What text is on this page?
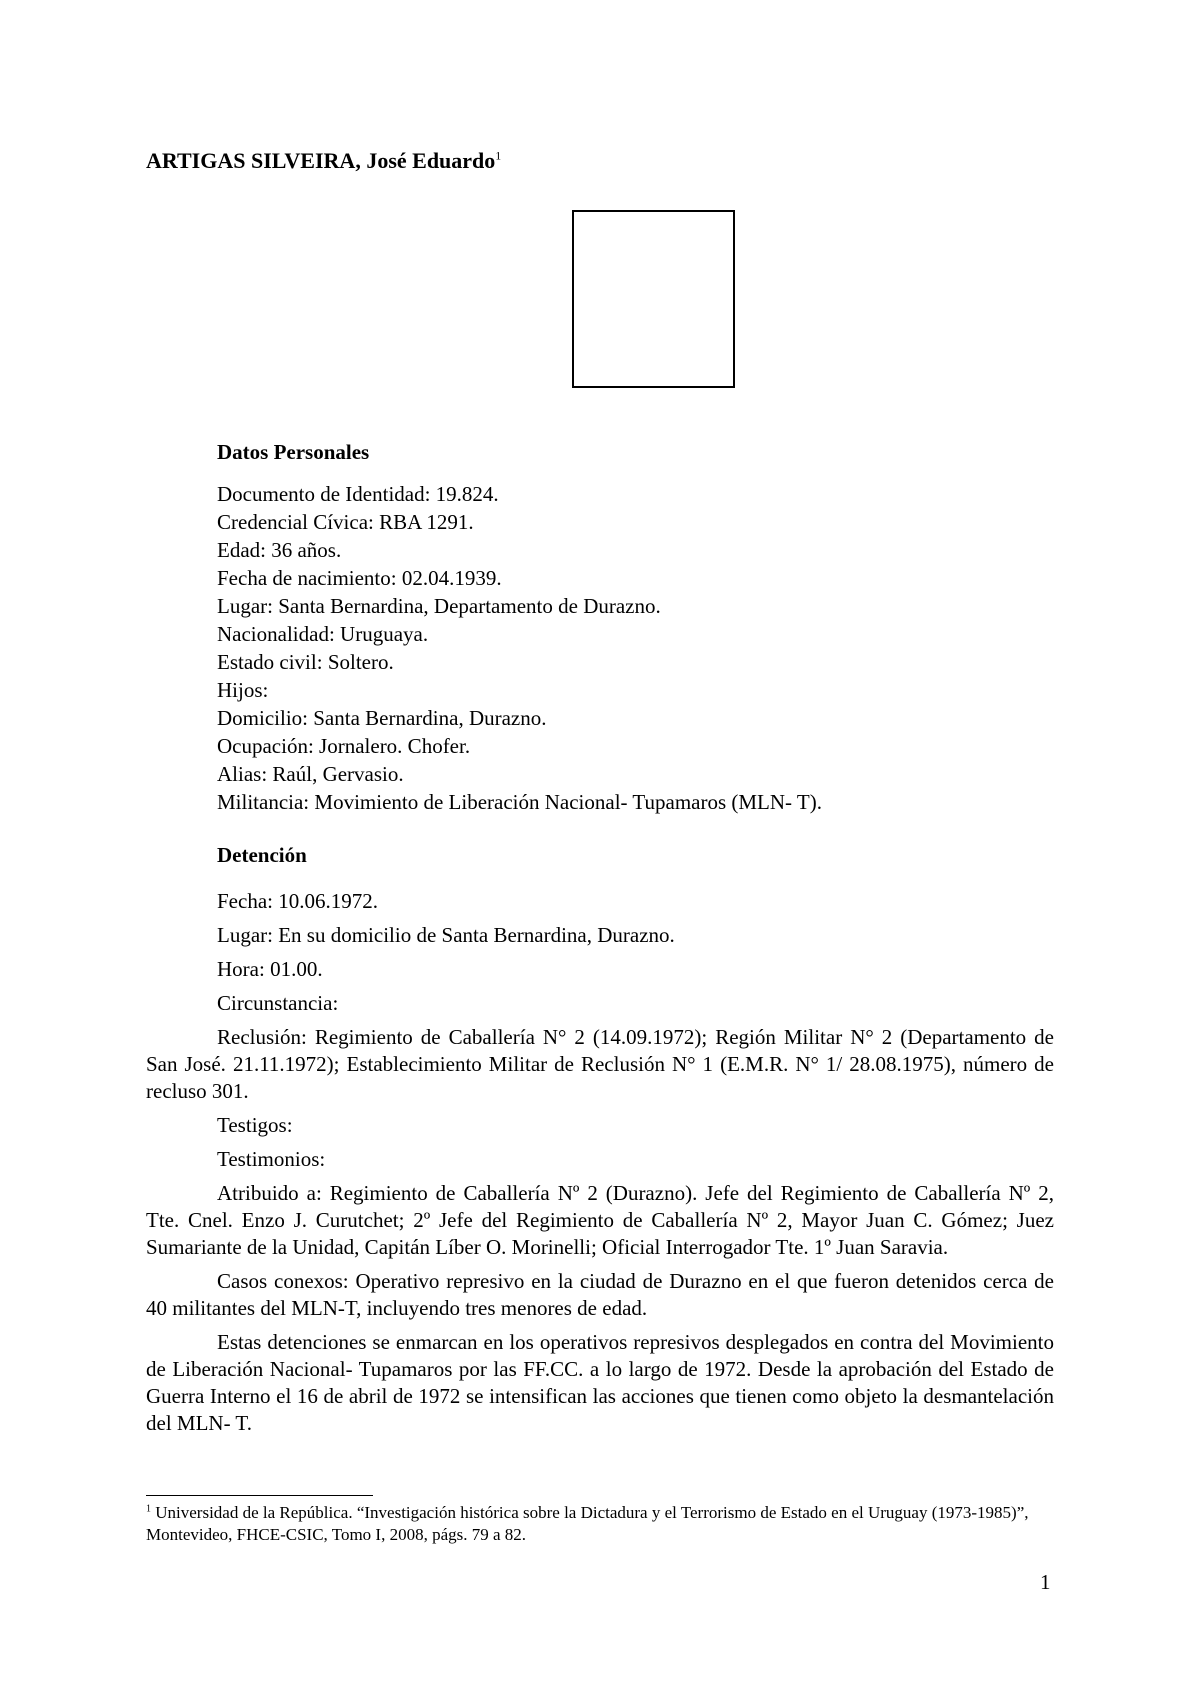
ARTIGAS SILVEIRA, José Eduardo$^1$
Datos Personales
Documento de Identidad: 19.824.
Credencial Cívica: RBA 1291.
Edad: 36 años.
Fecha de nacimiento: 02.04.1939.
Lugar: Santa Bernardina, Departamento de Durazno.
Nacionalidad: Uruguaya.
Estado civil: Soltero.
Hijos:
Domicilio: Santa Bernardina, Durazno.
Ocupación: Jornalero. Chofer.
Alias: Raúl, Gervasio.
Militancia: Movimiento de Liberación Nacional- Tupamaros (MLN- T).
Detención

Fecha: 10.06.1972.

Lugar: En su domicilio de Santa Bernardina, Durazno.

Hora: 01.00.

Circunstancia:

Reclusión: Regimiento de Caballería N° 2 (14.09.1972); Región Militar N° 2 (Departamento de San José. 21.11.1972); Establecimiento Militar de Reclusión N° 1 (E.M.R. N° 1/ 28.08.1975), número de recluso 301.

Testigos:

Testimonios:

Atribuido a: Regimiento de Caballería Nº 2 (Durazno). Jefe del Regimiento de Caballería Nº 2, Tte. Cnel. Enzo J. Curutchet; 2º Jefe del Regimiento de Caballería Nº 2, Mayor Juan C. Gómez; Juez Sumariante de la Unidad, Capitán Líber O. Morinelli; Oficial Interrogador Tte. 1º Juan Saravia.

Casos conexos: Operativo represivo en la ciudad de Durazno en el que fueron detenidos cerca de 40 militantes del MLN-T, incluyendo tres menores de edad.

Estas detenciones se enmarcan en los operativos represivos desplegados en contra del Movimiento de Liberación Nacional- Tupamaros por las FF.CC. a lo largo de 1972. Desde la aprobación del Estado de Guerra Interno el 16 de abril de 1972 se intensifican las acciones que tienen como objeto la desmantelación del MLN- T.

$^1$ Universidad de la República. “Investigación histórica sobre la Dictadura y el Terrorismo de Estado en el Uruguay (1973-1985)”, Montevideo, FHCE-CSIC, Tomo I, 2008, págs. 79 a 82.

1
